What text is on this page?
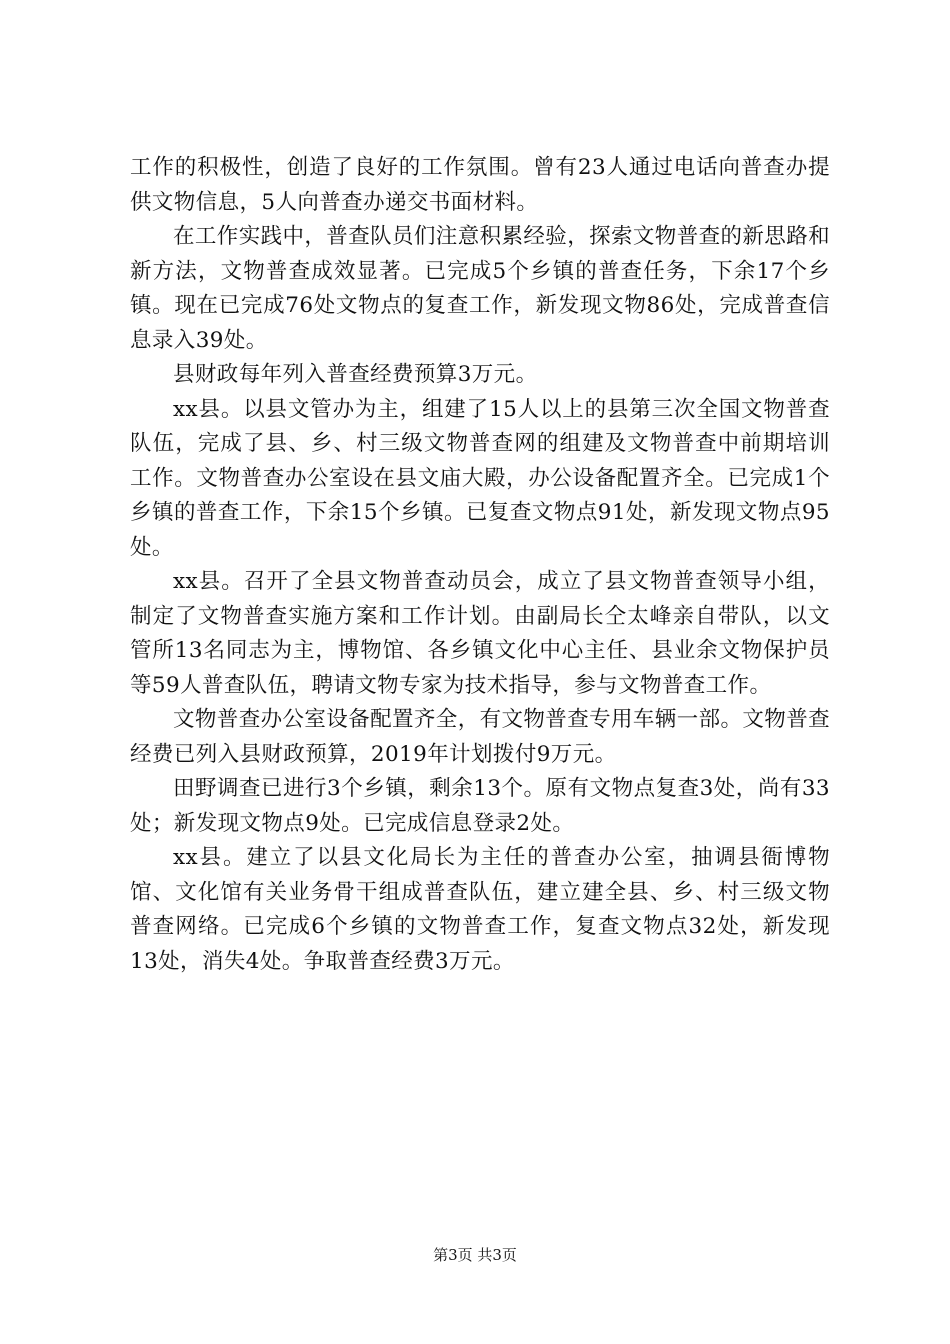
工作的积极性，创造了良好的工作氛围。曾有23人通过电话向普查办提供文物信息，5人向普查办递交书面材料。

在工作实践中，普查队员们注意积累经验，探索文物普查的新思路和新方法，文物普查成效显著。已完成5个乡镇的普查任务，下余17个乡镇。现在已完成76处文物点的复查工作，新发现文物86处，完成普查信息录入39处。

县财政每年列入普查经费预算3万元。

xx县。以县文管办为主，组建了15人以上的县第三次全国文物普查队伍，完成了县、乡、村三级文物普查网的组建及文物普查中前期培训工作。文物普查办公室设在县文庙大殿，办公设备配置齐全。已完成1个乡镇的普查工作，下余15个乡镇。已复查文物点91处，新发现文物点95处。

xx县。召开了全县文物普查动员会，成立了县文物普查领导小组，制定了文物普查实施方案和工作计划。由副局长仝太峰亲自带队，以文管所13名同志为主，博物馆、各乡镇文化中心主任、县业余文物保护员等59人普查队伍，聘请文物专家为技术指导，参与文物普查工作。

文物普查办公室设备配置齐全，有文物普查专用车辆一部。文物普查经费已列入县财政预算，2019年计划拨付9万元。

田野调查已进行3个乡镇，剩余13个。原有文物点复查3处，尚有33处；新发现文物点9处。已完成信息登录2处。

xx县。建立了以县文化局长为主任的普查办公室，抽调县衙博物馆、文化馆有关业务骨干组成普查队伍，建立建全县、乡、村三级文物普查网络。已完成6个乡镇的文物普查工作，复查文物点32处，新发现13处，消失4处。争取普查经费3万元。

第3页 共3页
